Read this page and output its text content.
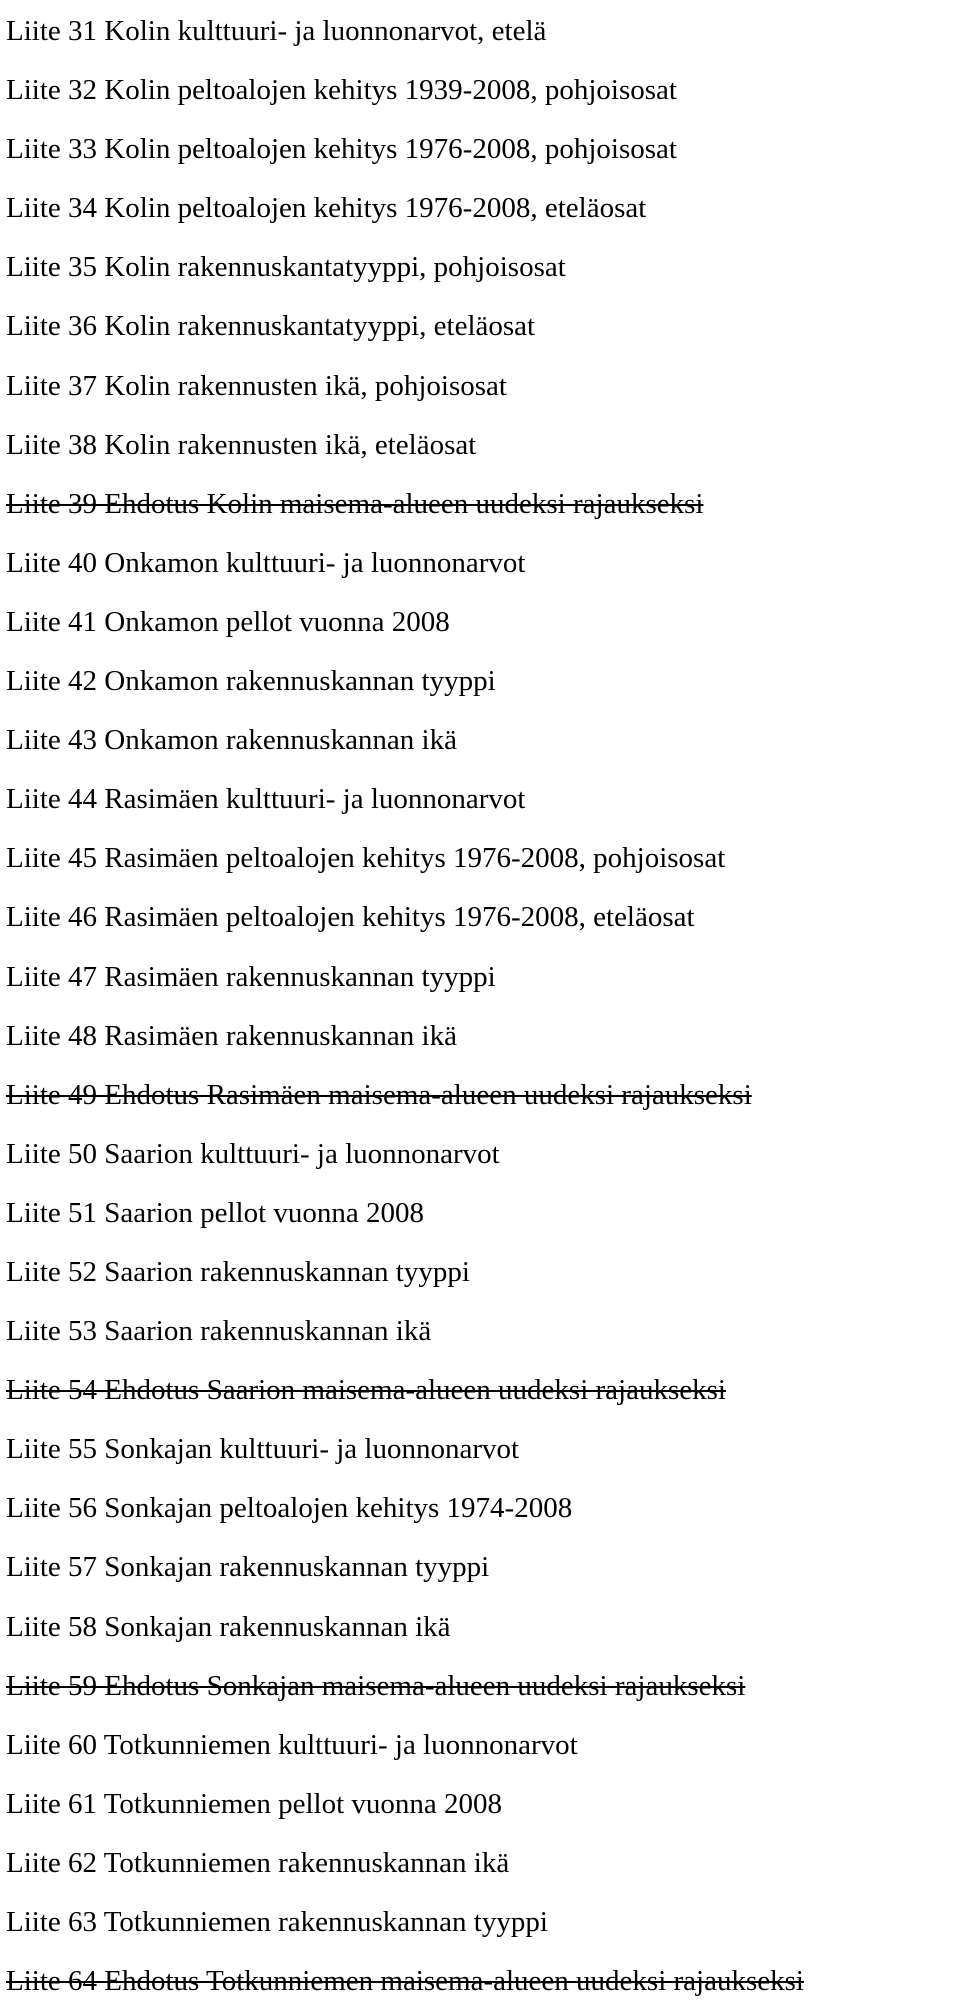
Liite 31 Kolin kulttuuri- ja luonnonarvot, etelä
Liite 32 Kolin peltoalojen kehitys 1939-2008, pohjoisosat
Liite 33 Kolin peltoalojen kehitys 1976-2008, pohjoisosat
Liite 34 Kolin peltoalojen kehitys 1976-2008, eteläosat
Liite 35 Kolin rakennuskantatyyppi, pohjoisosat
Liite 36 Kolin rakennuskantatyyppi, eteläosat
Liite 37 Kolin rakennusten ikä, pohjoisosat
Liite 38 Kolin rakennusten ikä, eteläosat
Liite 39 Ehdotus Kolin maisema-alueen uudeksi rajaukseksi
Liite 40 Onkamon kulttuuri- ja luonnonarvot
Liite 41 Onkamon pellot vuonna 2008
Liite 42 Onkamon rakennuskannan tyyppi
Liite 43 Onkamon rakennuskannan ikä
Liite 44 Rasimäen kulttuuri- ja luonnonarvot
Liite 45 Rasimäen peltoalojen kehitys 1976-2008, pohjoisosat
Liite 46 Rasimäen peltoalojen kehitys 1976-2008, eteläosat
Liite 47 Rasimäen rakennuskannan tyyppi
Liite 48 Rasimäen rakennuskannan ikä
Liite 49 Ehdotus Rasimäen maisema-alueen uudeksi rajaukseksi
Liite 50 Saarion kulttuuri- ja luonnonarvot
Liite 51 Saarion pellot vuonna 2008
Liite 52 Saarion rakennuskannan tyyppi
Liite 53 Saarion rakennuskannan ikä
Liite 54 Ehdotus Saarion maisema-alueen uudeksi rajaukseksi
Liite 55 Sonkajan kulttuuri- ja luonnonarvot
Liite 56 Sonkajan peltoalojen kehitys 1974-2008
Liite 57 Sonkajan rakennuskannan tyyppi
Liite 58 Sonkajan rakennuskannan ikä
Liite 59 Ehdotus Sonkajan maisema-alueen uudeksi rajaukseksi
Liite 60 Totkunniemen kulttuuri- ja luonnonarvot
Liite 61 Totkunniemen pellot vuonna 2008
Liite 62 Totkunniemen rakennuskannan ikä
Liite 63 Totkunniemen rakennuskannan tyyppi
Liite 64 Ehdotus Totkunniemen maisema-alueen uudeksi rajaukseksi
